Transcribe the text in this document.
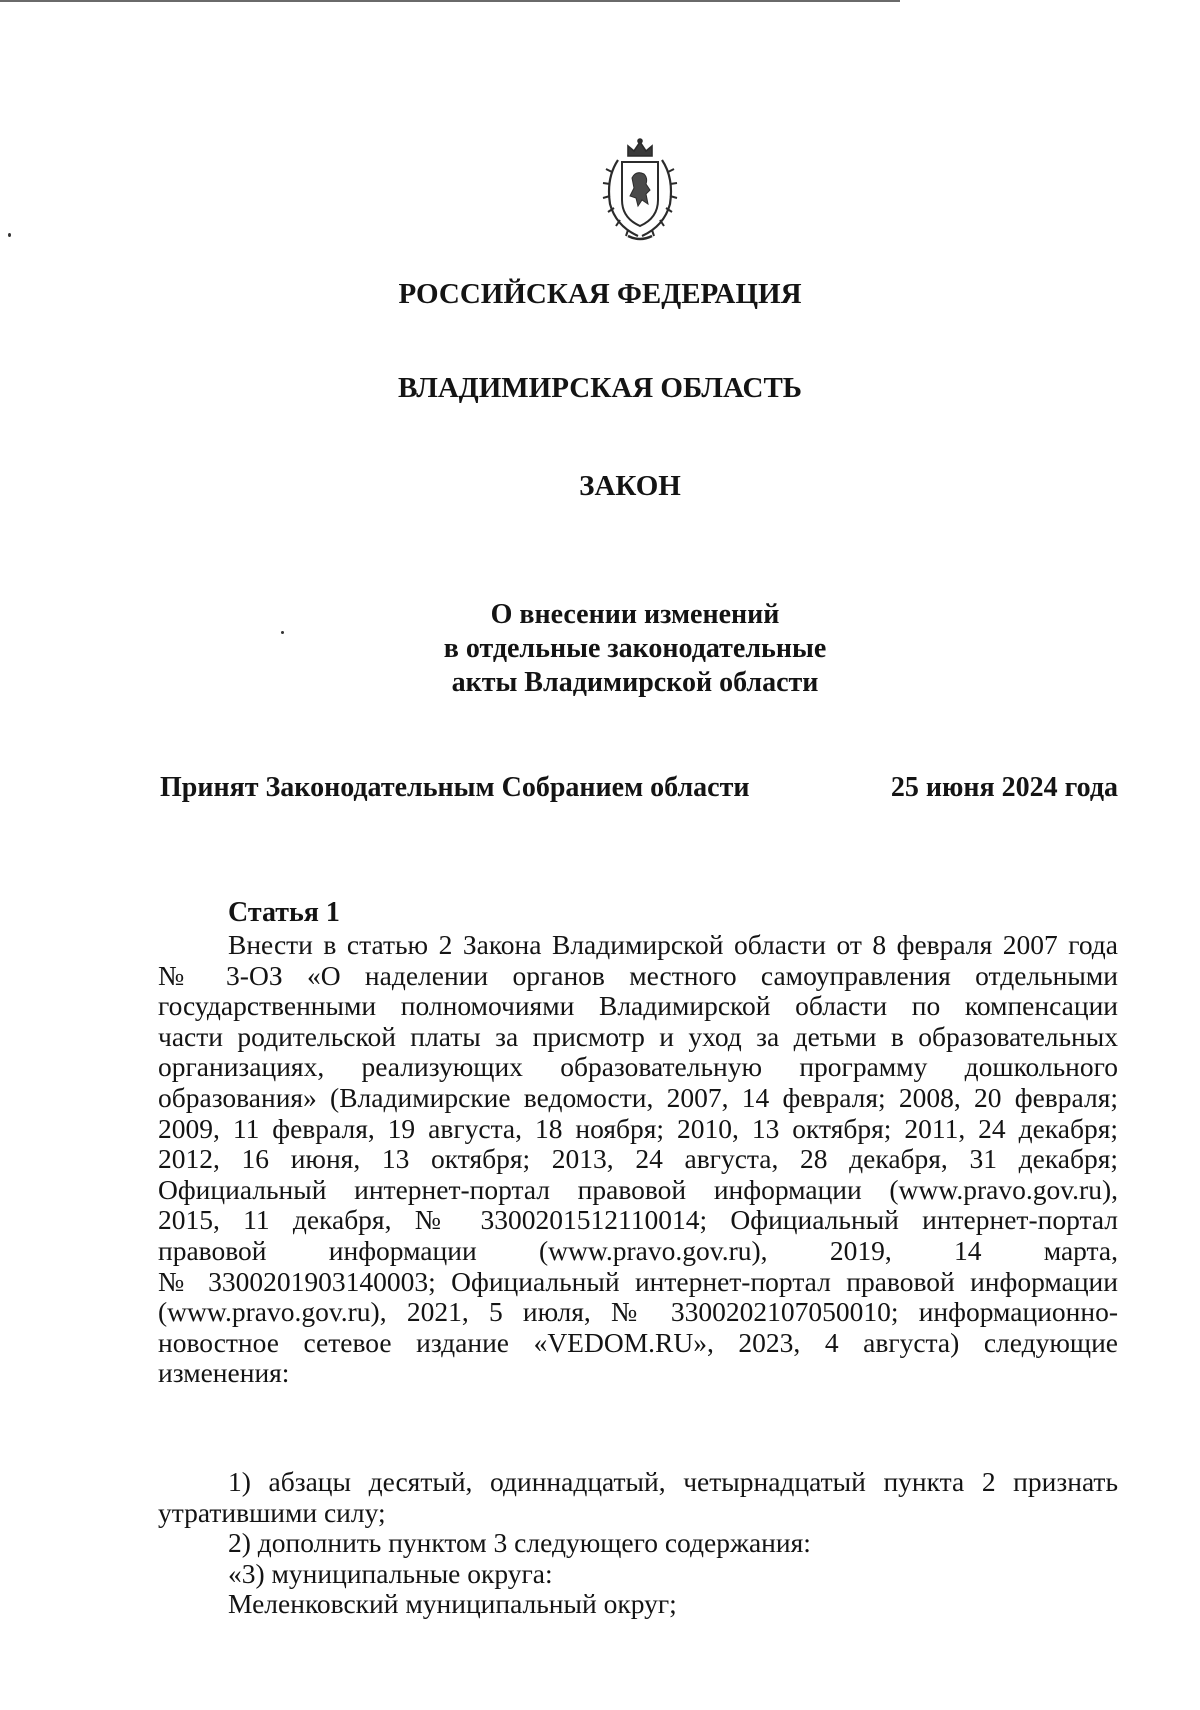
РОССИЙСКАЯ ФЕДЕРАЦИЯ
ВЛАДИМИРСКАЯ ОБЛАСТЬ
ЗАКОН
О внесении изменений
в отдельные законодательные
акты Владимирской области
Принят Законодательным Собранием области	25 июня 2024 года
Статья 1
Внести в статью 2 Закона Владимирской области от 8 февраля 2007 года
№ 3-ОЗ «О наделении органов местного самоуправления отдельными
государственными полномочиями Владимирской области по компенсации
части родительской платы за присмотр и уход за детьми в образовательных
организациях, реализующих образовательную программу дошкольного
образования» (Владимирские ведомости, 2007, 14 февраля; 2008, 20 февраля;
2009, 11 февраля, 19 августа, 18 ноября; 2010, 13 октября; 2011, 24 декабря;
2012, 16 июня, 13 октября; 2013, 24 августа, 28 декабря, 31 декабря;
Официальный интернет-портал правовой информации (www.pravo.gov.ru),
2015, 11 декабря, № 3300201512110014; Официальный интернет-портал
правовой информации (www.pravo.gov.ru), 2019, 14 марта,
№ 3300201903140003; Официальный интернет-портал правовой информации
(www.pravo.gov.ru), 2021, 5 июля, № 3300202107050010; информационно-
новостное сетевое издание «VEDOM.RU», 2023, 4 августа) следующие
изменения:
1) абзацы десятый, одиннадцатый, четырнадцатый пункта 2 признать
утратившими силу;
2) дополнить пунктом 3 следующего содержания:
«3) муниципальные округа:
Меленковский муниципальный округ;
